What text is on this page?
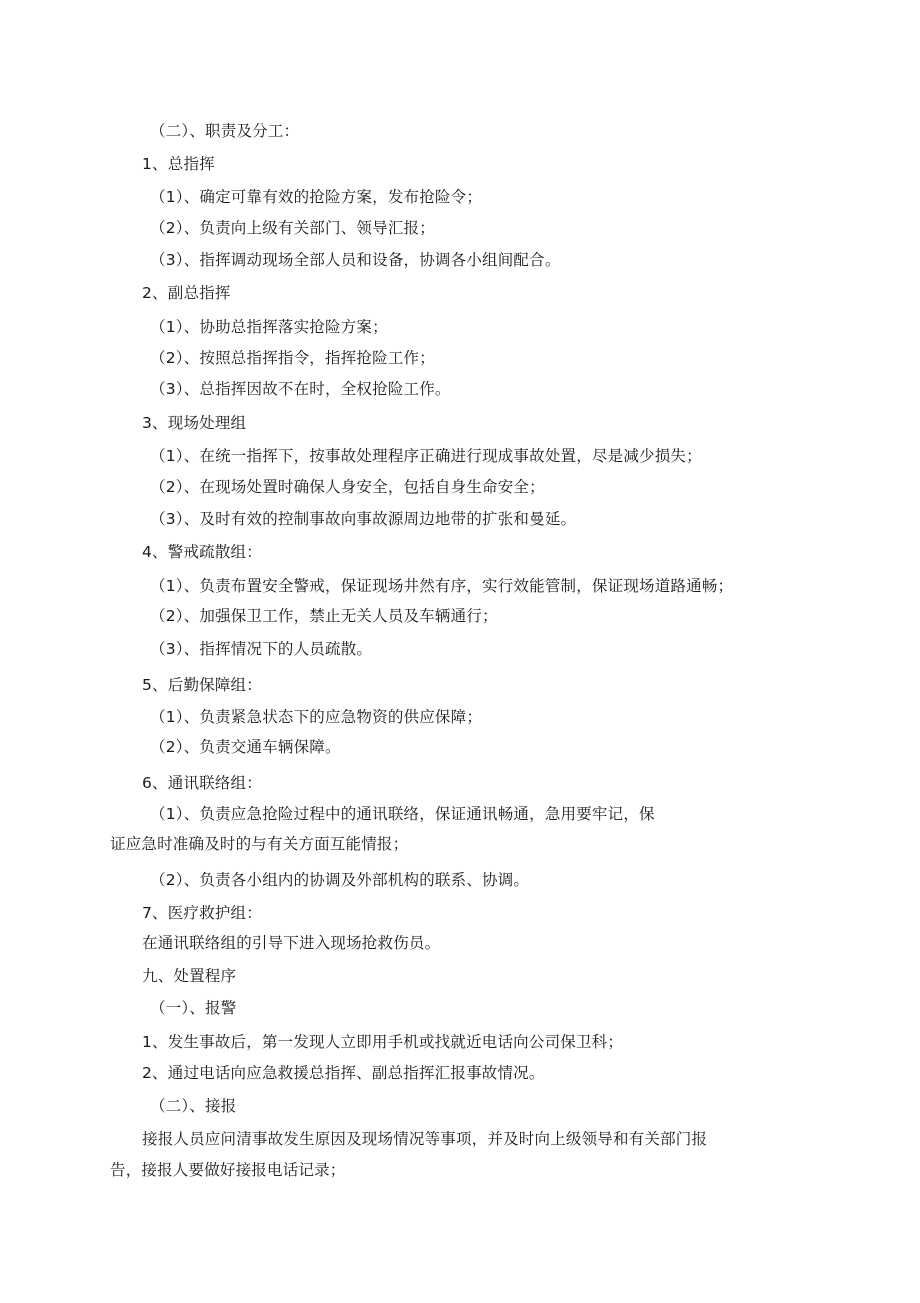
（二）、职责及分工：
1、总指挥
（1）、确定可靠有效的抢险方案，发布抢险令；
（2）、负责向上级有关部门、领导汇报；
（3）、指挥调动现场全部人员和设备，协调各小组间配合。
2、副总指挥
（1）、协助总指挥落实抢险方案；
（2）、按照总指挥指令，指挥抢险工作；
（3）、总指挥因故不在时，全权抢险工作。
3、现场处理组
（1）、在统一指挥下，按事故处理程序正确进行现成事故处置，尽是减少损失；
（2）、在现场处置时确保人身安全，包括自身生命安全；
（3）、及时有效的控制事故向事故源周边地带的扩张和曼延。
4、警戒疏散组：
（1）、负责布置安全警戒，保证现场井然有序，实行效能管制，保证现场道路通畅；
（2）、加强保卫工作，禁止无关人员及车辆通行；
（3）、指挥情况下的人员疏散。
5、后勤保障组：
（1）、负责紧急状态下的应急物资的供应保障；
（2）、负责交通车辆保障。
6、通讯联络组：
（1）、负责应急抢险过程中的通讯联络，保证通讯畅通，急用要牢记，保
证应急时准确及时的与有关方面互能情报；
（2）、负责各小组内的协调及外部机构的联系、协调。
7、医疗救护组：
在通讯联络组的引导下进入现场抢救伤员。
九、处置程序
（一）、报警
1、发生事故后，第一发现人立即用手机或找就近电话向公司保卫科；
2、通过电话向应急救援总指挥、副总指挥汇报事故情况。
（二）、接报
接报人员应问清事故发生原因及现场情况等事项，并及时向上级领导和有关部门报
告，接报人要做好接报电话记录；
